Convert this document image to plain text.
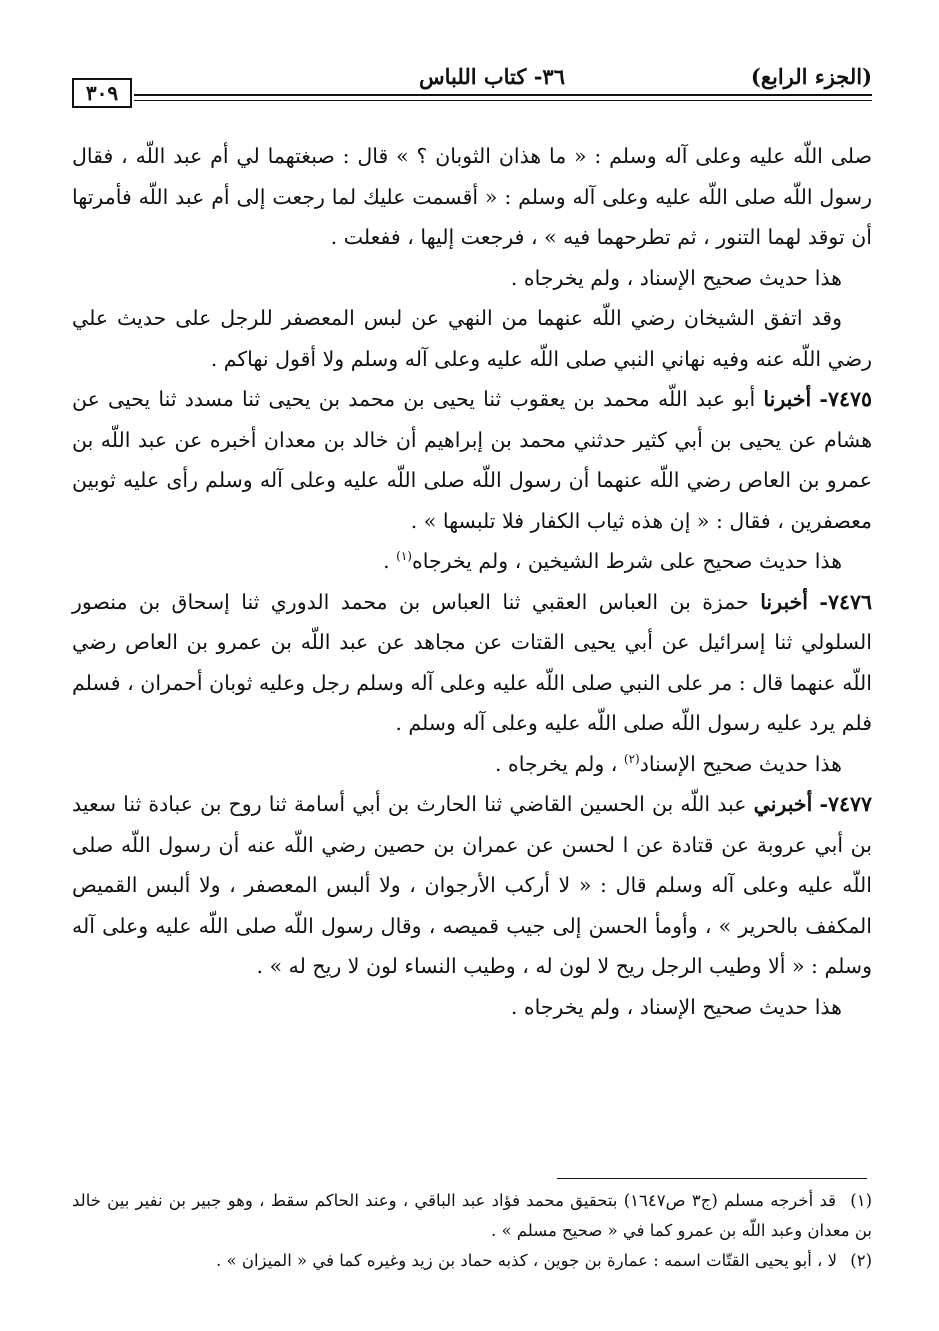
(الجزء الرابع)
٣٦- كتاب اللباس
٣٠٩

صلى اللّه عليه وعلى آله وسلم : « ما هذان الثوبان ؟ » قال : صبغتهما لي أم عبد اللّه ، فقال رسول اللّه صلى اللّه عليه وعلى آله وسلم : « أقسمت عليك لما رجعت إلى أم عبد اللّه فأمرتها أن توقد لهما التنور ، ثم تطرحهما فيه » ، فرجعت إليها ، ففعلت .

هذا حديث صحيح الإسناد ، ولم يخرجاه .

وقد اتفق الشيخان رضي اللّه عنهما من النهي عن لبس المعصفر للرجل على حديث علي رضي اللّه عنه وفيه نهاني النبي صلى اللّه عليه وعلى آله وسلم ولا أقول نهاكم .

٧٤٧٥- أخبرنا أبو عبد اللّه محمد بن يعقوب ثنا يحيى بن محمد بن يحيى ثنا مسدد ثنا يحيى عن هشام عن يحيى بن أبي كثير حدثني محمد بن إبراهيم أن خالد بن معدان أخبره عن عبد اللّه بن عمرو بن العاص رضي اللّه عنهما أن رسول اللّه صلى اللّه عليه وعلى آله وسلم رأى عليه ثوبين معصفرين ، فقال : « إن هذه ثياب الكفار فلا تلبسها » .

هذا حديث صحيح على شرط الشيخين ، ولم يخرجاه$^{(١)}$ .

٧٤٧٦- أخبرنا حمزة بن العباس العقبي ثنا العباس بن محمد الدوري ثنا إسحاق بن منصور السلولي ثنا إسرائيل عن أبي يحيى القتات عن مجاهد عن عبد اللّه بن عمرو بن العاص رضي اللّه عنهما قال : مر على النبي صلى اللّه عليه وعلى آله وسلم رجل وعليه ثوبان أحمران ، فسلم فلم يرد عليه رسول اللّه صلى اللّه عليه وعلى آله وسلم .

هذا حديث صحيح الإسناد$^{(٢)}$ ، ولم يخرجاه .

٧٤٧٧- أخبرني عبد اللّه بن الحسين القاضي ثنا الحارث بن أبي أسامة ثنا روح بن عبادة ثنا سعيد بن أبي عروبة عن قتادة عن ا لحسن عن عمران بن حصين رضي اللّه عنه أن رسول اللّه صلى اللّه عليه وعلى آله وسلم قال : « لا أركب الأرجوان ، ولا ألبس المعصفر ، ولا ألبس القميص المكفف بالحرير » ، وأومأ الحسن إلى جيب قميصه ، وقال رسول اللّه صلى اللّه عليه وعلى آله وسلم : « ألا وطيب الرجل ريح لا لون له ، وطيب النساء لون لا ريح له » .

هذا حديث صحيح الإسناد ، ولم يخرجاه .

(١) قد أخرجه مسلم (ج٣ ص١٦٤٧) بتحقيق محمد فؤاد عبد الباقي ، وعند الحاكم سقط ، وهو جبير بن نفير بين خالد بن معدان وعبد اللّه بن عمرو كما في « صحيح مسلم » .

(٢) لا ، أبو يحيى القتّات اسمه : عمارة بن جوين ، كذبه حماد بن زيد وغيره كما في « الميزان » .
